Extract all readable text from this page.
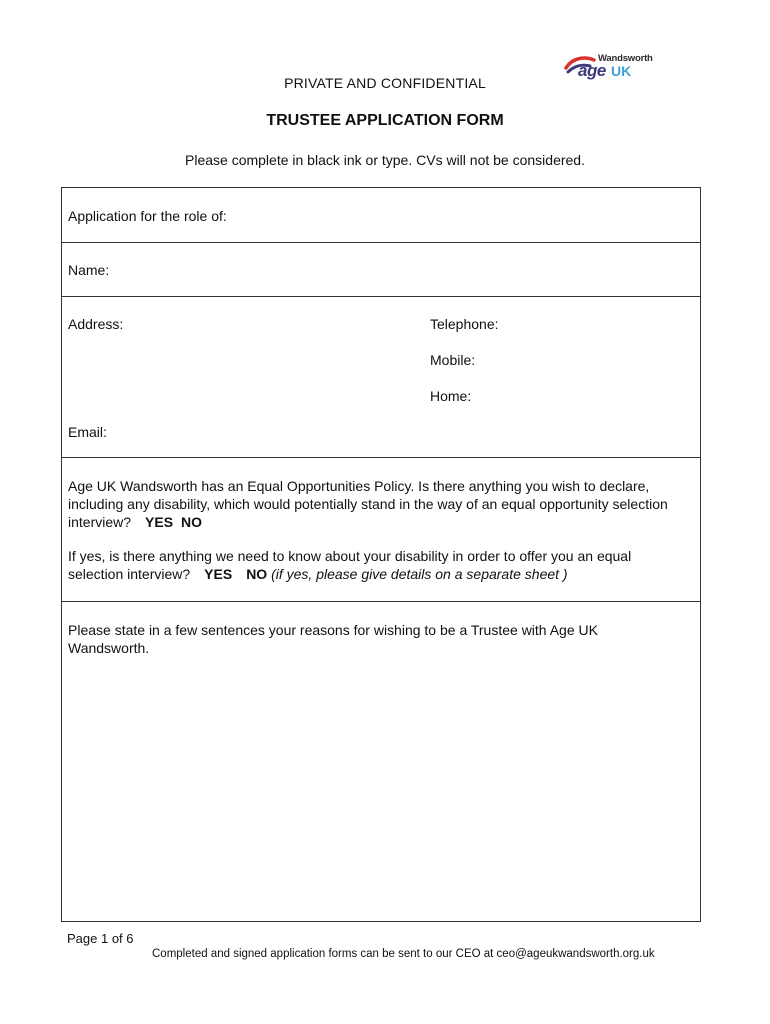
PRIVATE AND CONFIDENTIAL
Wandsworth
age UK
TRUSTEE APPLICATION FORM
Please complete in black ink or type. CVs will not be considered.
Application for the role of:
Name:
Address:	Telephone:
Mobile:
Home:
Email:
Age UK Wandsworth has an Equal Opportunities Policy. Is there anything you wish to declare, including any disability, which would potentially stand in the way of an equal opportunity selection interview? YES NO
If yes, is there anything we need to know about your disability in order to offer you an equal selection interview? YES NO (if yes, please give details on a separate sheet )
Please state in a few sentences your reasons for wishing to be a Trustee with Age UK Wandsworth.
Page 1 of 6
Completed and signed application forms can be sent to our CEO at ceo@ageukwandsworth.org.uk
